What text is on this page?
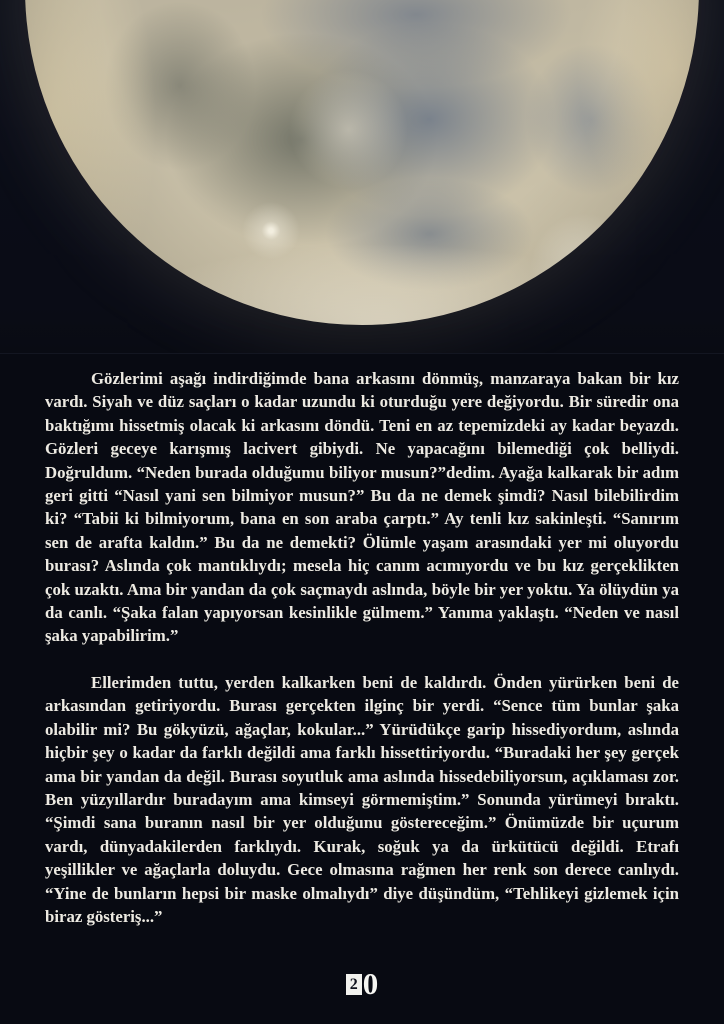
Gözlerimi aşağı indirdiğimde bana arkasını dönmüş, manzaraya bakan bir kız vardı. Siyah ve düz saçları o kadar uzundu ki oturduğu yere değiyordu. Bir süredir ona baktığımı hissetmiş olacak ki arkasını döndü. Teni en az tepemizdeki ay kadar beyazdı. Gözleri geceye karışmış lacivert gibiydi. Ne yapacağını bilemediği çok belliydi. Doğruldum. “Neden burada olduğumu biliyor musun?”dedim. Ayağa kalkarak bir adım geri gitti “Nasıl yani sen bilmiyor musun?” Bu da ne demek şimdi? Nasıl bilebilirdim ki? “Tabii ki bilmiyorum, bana en son araba çarptı.” Ay tenli kız sakinleşti. “Sanırım sen de arafta kaldın.” Bu da ne demekti? Ölümle yaşam arasındaki yer mi oluyordu burası? Aslında çok mantıklıydı; mesela hiç canım acımıyordu ve bu kız gerçeklikten çok uzaktı. Ama bir yandan da çok saçmaydı aslında, böyle bir yer yoktu. Ya ölüydün ya da canlı. “Şaka falan yapıyorsan kesinlikle gülmem.” Yanıma yaklaştı. “Neden ve nasıl şaka yapabilirim.”

Ellerimden tuttu, yerden kalkarken beni de kaldırdı. Önden yürürken beni de arkasından getiriyordu. Burası gerçekten ilginç bir yerdi. “Sence tüm bunlar şaka olabilir mi? Bu gökyüzü, ağaçlar, kokular...” Yürüdükçe garip hissediyordum, aslında hiçbir şey o kadar da farklı değildi ama farklı hissettiriyordu. “Buradaki her şey gerçek ama bir yandan da değil. Burası soyutluk ama aslında hissedebiliyorsun, açıklaması zor. Ben yüzyıllardır buradayım ama kimseyi görmemiştim.” Sonunda yürümeyi bıraktı. “Şimdi sana buranın nasıl bir yer olduğunu göstereceğim.” Önümüzde bir uçurum vardı, dünyadakilerden farklıydı. Kurak, soğuk ya da ürkütücü değildi. Etrafı yeşillikler ve ağaçlarla doluydu. Gece olmasına rağmen her renk son derece canlıydı. “Yine de bunların hepsi bir maske olmalıydı” diye düşündüm, “Tehlikeyi gizlemek için biraz gösteriş...”

2 0
